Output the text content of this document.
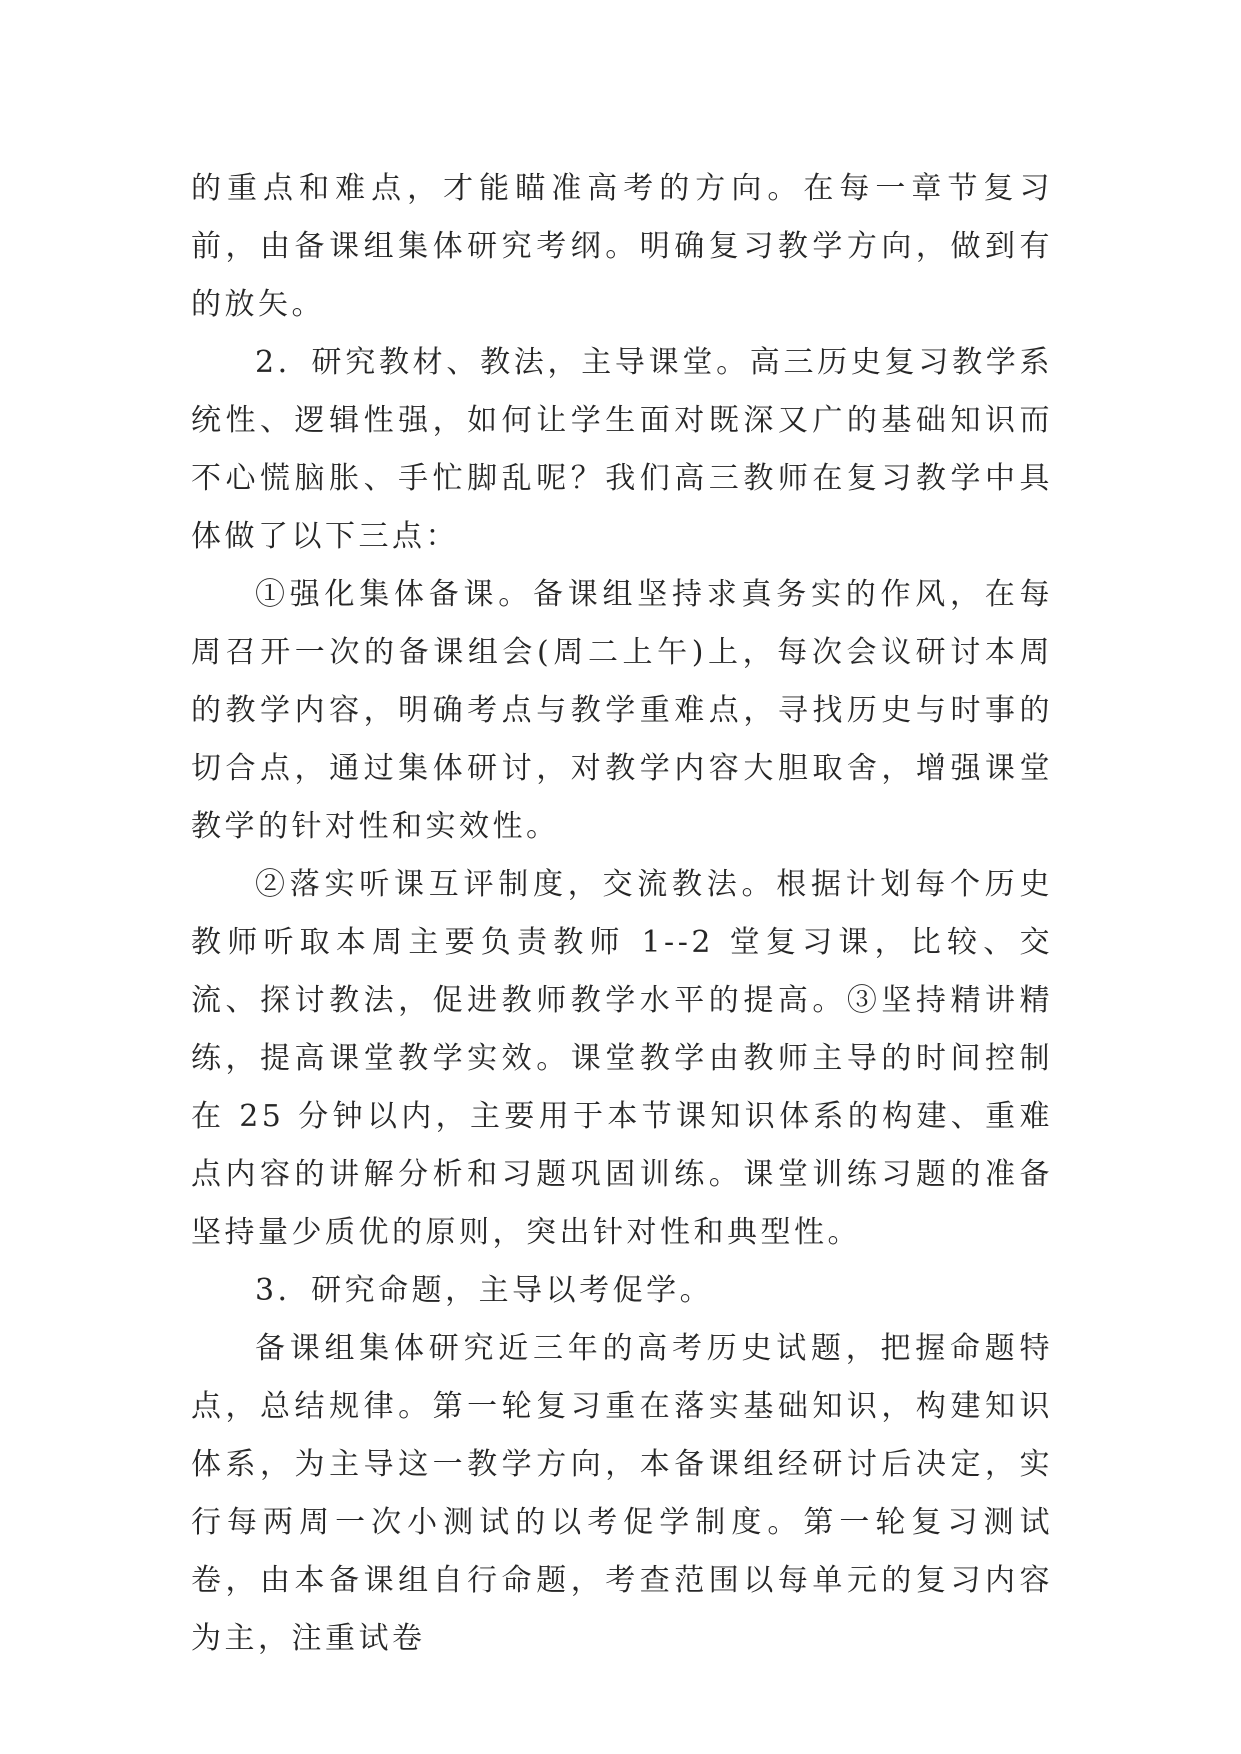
的重点和难点，才能瞄准高考的方向。在每一章节复习前，由备课组集体研究考纲。明确复习教学方向，做到有的放矢。

2．研究教材、教法，主导课堂。高三历史复习教学系统性、逻辑性强，如何让学生面对既深又广的基础知识而不心慌脑胀、手忙脚乱呢？我们高三教师在复习教学中具体做了以下三点：

①强化集体备课。备课组坚持求真务实的作风，在每周召开一次的备课组会(周二上午)上，每次会议研讨本周的教学内容，明确考点与教学重难点，寻找历史与时事的切合点，通过集体研讨，对教学内容大胆取舍，增强课堂教学的针对性和实效性。

②落实听课互评制度，交流教法。根据计划每个历史教师听取本周主要负责教师 1--2 堂复习课，比较、交流、探讨教法，促进教师教学水平的提高。③坚持精讲精练，提高课堂教学实效。课堂教学由教师主导的时间控制在 25 分钟以内，主要用于本节课知识体系的构建、重难点内容的讲解分析和习题巩固训练。课堂训练习题的准备坚持量少质优的原则，突出针对性和典型性。

3．研究命题，主导以考促学。

备课组集体研究近三年的高考历史试题，把握命题特点，总结规律。第一轮复习重在落实基础知识，构建知识体系，为主导这一教学方向，本备课组经研讨后决定，实行每两周一次小测试的以考促学制度。第一轮复习测试卷，由本备课组自行命题，考查范围以每单元的复习内容为主，注重试卷
